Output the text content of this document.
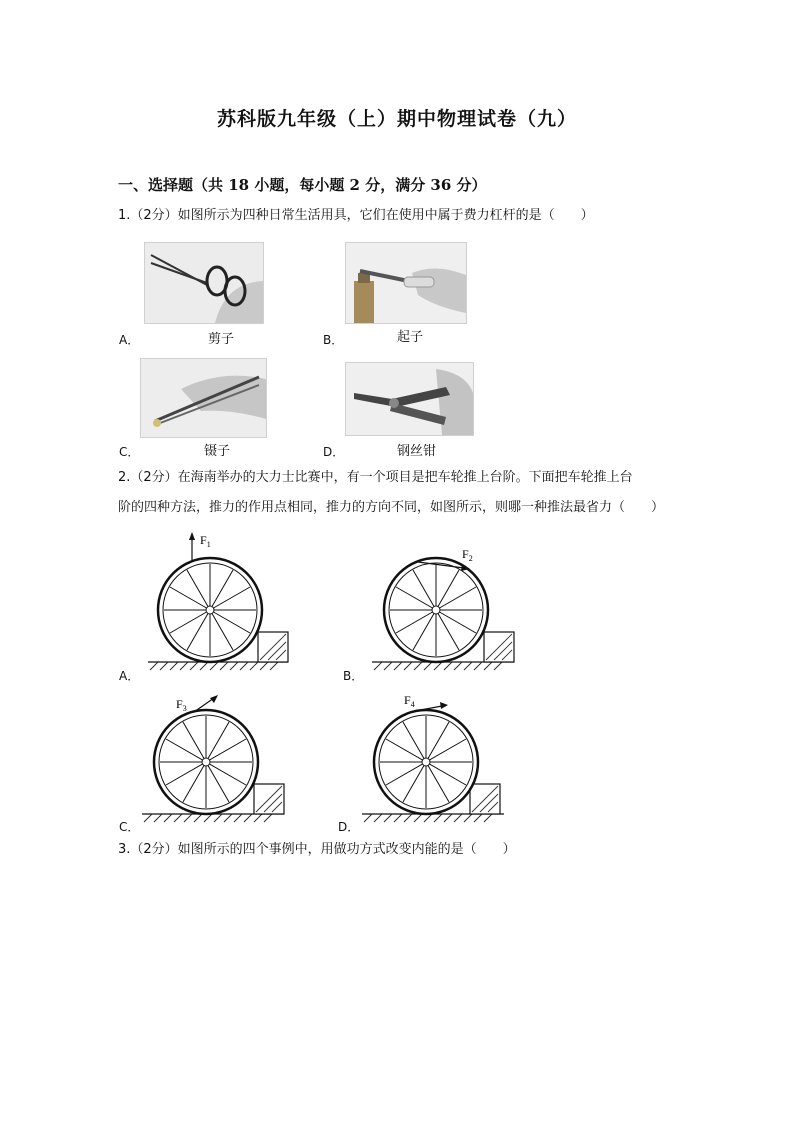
苏科版九年级（上）期中物理试卷（九）
一、选择题（共 18 小题，每小题 2 分，满分 36 分）
1.（2分）如图所示为四种日常生活用具，它们在使用中属于费力杠杆的是（　　）
A．	剪子	B．	起子
C．	镊子	D．	钢丝钳
2.（2分）在海南举办的大力士比赛中，有一个项目是把车轮推上台阶。下面把车轮推上台
阶的四种方法，推力的作用点相同，推力的方向不同，如图所示，则哪一种推法最省力（　　）
$F_1$
A．
$F_2$
B．
$F_3$
C．
$F_4$
D．
3.（2分）如图所示的四个事例中，用做功方式改变内能的是（　　）
